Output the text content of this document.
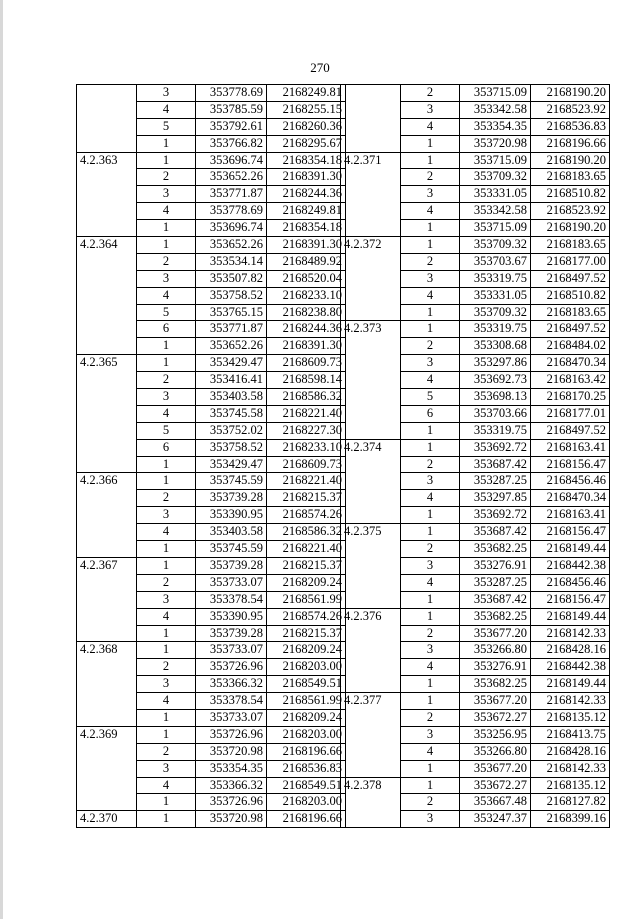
270
	3	353778.69	2168249.81
	4	353785.59	2168255.15
	5	353792.61	2168260.36
	1	353766.82	2168295.67
4.2.363	1	353696.74	2168354.18
	2	353652.26	2168391.30
	3	353771.87	2168244.36
	4	353778.69	2168249.81
	1	353696.74	2168354.18
4.2.364	1	353652.26	2168391.30
	2	353534.14	2168489.92
	3	353507.82	2168520.04
	4	353758.52	2168233.10
	5	353765.15	2168238.80
	6	353771.87	2168244.36
	1	353652.26	2168391.30
4.2.365	1	353429.47	2168609.73
	2	353416.41	2168598.14
	3	353403.58	2168586.32
	4	353745.58	2168221.40
	5	353752.02	2168227.30
	6	353758.52	2168233.10
	1	353429.47	2168609.73
4.2.366	1	353745.59	2168221.40
	2	353739.28	2168215.37
	3	353390.95	2168574.26
	4	353403.58	2168586.32
	1	353745.59	2168221.40
4.2.367	1	353739.28	2168215.37
	2	353733.07	2168209.24
	3	353378.54	2168561.99
	4	353390.95	2168574.26
	1	353739.28	2168215.37
4.2.368	1	353733.07	2168209.24
	2	353726.96	2168203.00
	3	353366.32	2168549.51
	4	353378.54	2168561.99
	1	353733.07	2168209.24
4.2.369	1	353726.96	2168203.00
	2	353720.98	2168196.66
	3	353354.35	2168536.83
	4	353366.32	2168549.51
	1	353726.96	2168203.00
4.2.370	1	353720.98	2168196.66
	2	353715.09	2168190.20
	3	353342.58	2168523.92
	4	353354.35	2168536.83
	1	353720.98	2168196.66
4.2.371	1	353715.09	2168190.20
	2	353709.32	2168183.65
	3	353331.05	2168510.82
	4	353342.58	2168523.92
	1	353715.09	2168190.20
4.2.372	1	353709.32	2168183.65
	2	353703.67	2168177.00
	3	353319.75	2168497.52
	4	353331.05	2168510.82
	1	353709.32	2168183.65
4.2.373	1	353319.75	2168497.52
	2	353308.68	2168484.02
	3	353297.86	2168470.34
	4	353692.73	2168163.42
	5	353698.13	2168170.25
	6	353703.66	2168177.01
	1	353319.75	2168497.52
4.2.374	1	353692.72	2168163.41
	2	353687.42	2168156.47
	3	353287.25	2168456.46
	4	353297.85	2168470.34
	1	353692.72	2168163.41
4.2.375	1	353687.42	2168156.47
	2	353682.25	2168149.44
	3	353276.91	2168442.38
	4	353287.25	2168456.46
	1	353687.42	2168156.47
4.2.376	1	353682.25	2168149.44
	2	353677.20	2168142.33
	3	353266.80	2168428.16
	4	353276.91	2168442.38
	1	353682.25	2168149.44
4.2.377	1	353677.20	2168142.33
	2	353672.27	2168135.12
	3	353256.95	2168413.75
	4	353266.80	2168428.16
	1	353677.20	2168142.33
4.2.378	1	353672.27	2168135.12
	2	353667.48	2168127.82
	3	353247.37	2168399.16
